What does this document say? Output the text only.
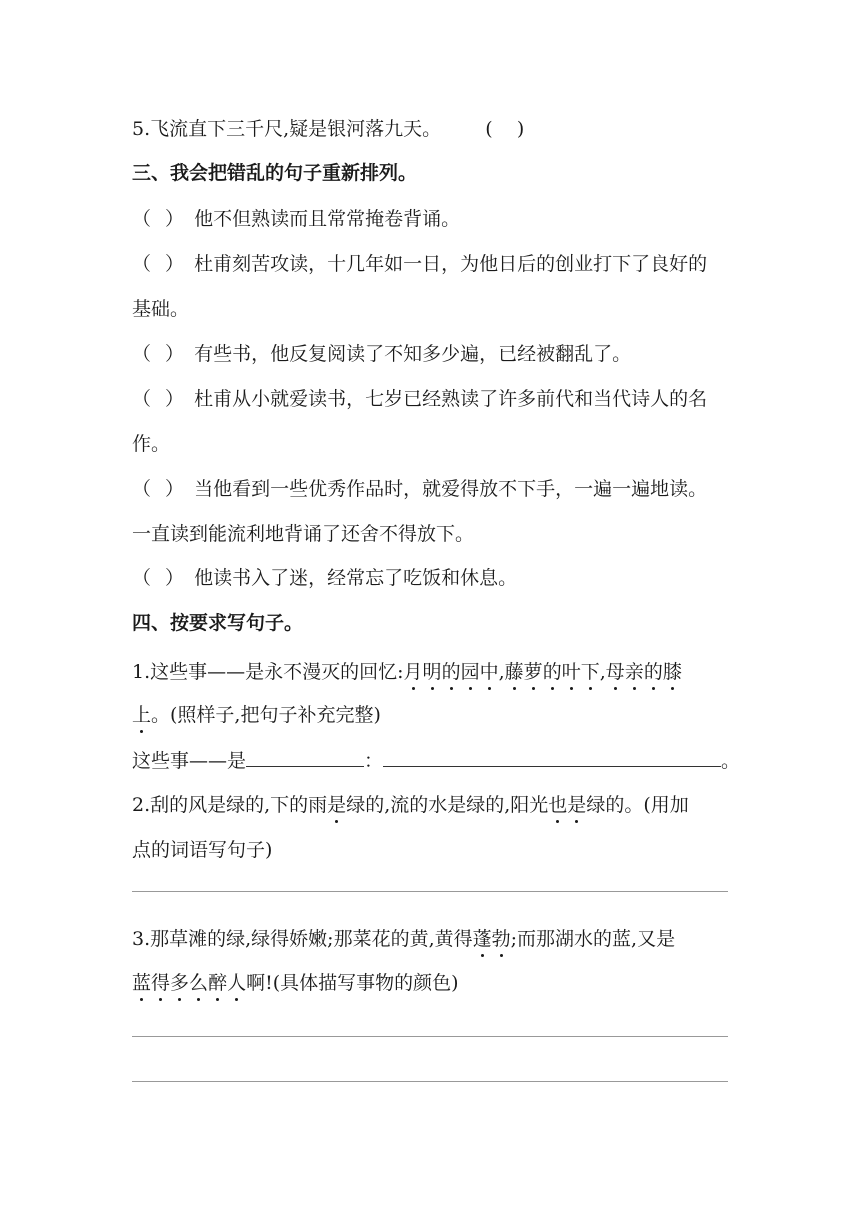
5.飞流直下三千尺,疑是银河落九天。 (    )
三、我会把错乱的句子重新排列。
（ ） 他不但熟读而且常常掩卷背诵。
（ ） 杜甫刻苦攻读，十几年如一日，为他日后的创业打下了良好的
基础。
（ ） 有些书，他反复阅读了不知多少遍，已经被翻乱了。
（ ） 杜甫从小就爱读书，七岁已经熟读了许多前代和当代诗人的名
作。
（ ） 当他看到一些优秀作品时，就爱得放不下手，一遍一遍地读。
一直读到能流利地背诵了还舍不得放下。
（ ） 他读书入了迷，经常忘了吃饭和休息。
四、按要求写句子。
1.这些事——是永不漫灭的回忆:月明的园中,藤萝的叶下,母亲的膝
上。(照样子,把句子补充完整)
这些事——是	：	。
2.刮的风是绿的,下的雨是绿的,流的水是绿的,阳光也是绿的。(用加
点的词语写句子)
3.那草滩的绿,绿得娇嫩;那菜花的黄,黄得蓬勃;而那湖水的蓝,又是
蓝得多么醉人啊!(具体描写事物的颜色)
